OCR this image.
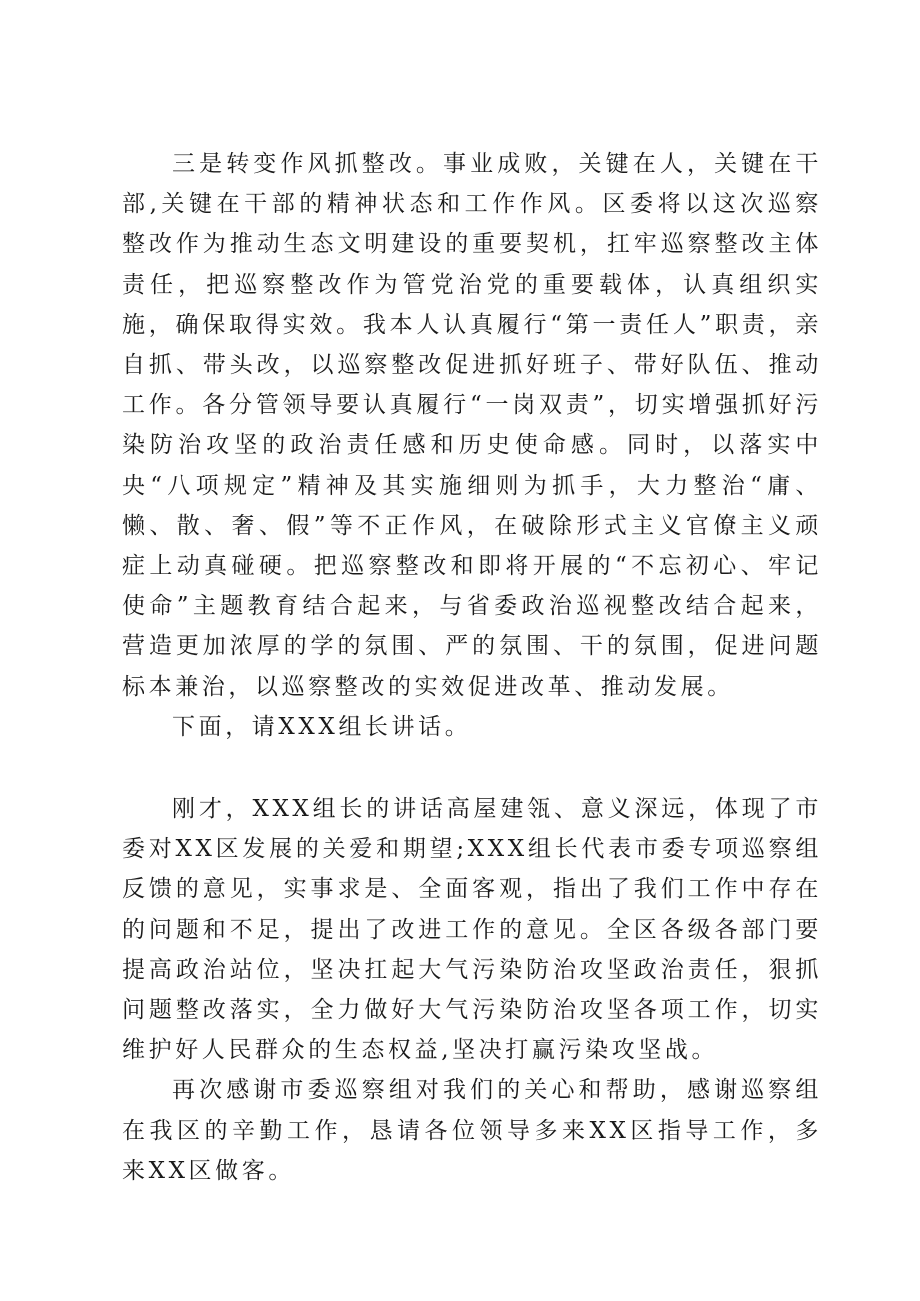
三是转变作风抓整改。事业成败，关键在人，关键在干部,关键在干部的精神状态和工作作风。区委将以这次巡察整改作为推动生态文明建设的重要契机，扛牢巡察整改主体责任，把巡察整改作为管党治党的重要载体，认真组织实施，确保取得实效。我本人认真履行“第一责任人”职责，亲自抓、带头改，以巡察整改促进抓好班子、带好队伍、推动工作。各分管领导要认真履行“一岗双责”，切实增强抓好污染防治攻坚的政治责任感和历史使命感。同时，以落实中央“八项规定”精神及其实施细则为抓手，大力整治“庸、懒、散、奢、假”等不正作风，在破除形式主义官僚主义顽症上动真碰硬。把巡察整改和即将开展的“不忘初心、牢记使命”主题教育结合起来，与省委政治巡视整改结合起来，营造更加浓厚的学的氛围、严的氛围、干的氛围，促进问题标本兼治，以巡察整改的实效促进改革、推动发展。

下面，请XXX组长讲话。

刚才，XXX组长的讲话高屋建瓴、意义深远，体现了市委对XX区发展的关爱和期望;XXX组长代表市委专项巡察组反馈的意见，实事求是、全面客观，指出了我们工作中存在的问题和不足，提出了改进工作的意见。全区各级各部门要提高政治站位，坚决扛起大气污染防治攻坚政治责任，狠抓问题整改落实，全力做好大气污染防治攻坚各项工作，切实维护好人民群众的生态权益,坚决打赢污染攻坚战。

再次感谢市委巡察组对我们的关心和帮助，感谢巡察组在我区的辛勤工作，恳请各位领导多来XX区指导工作，多来XX区做客。
